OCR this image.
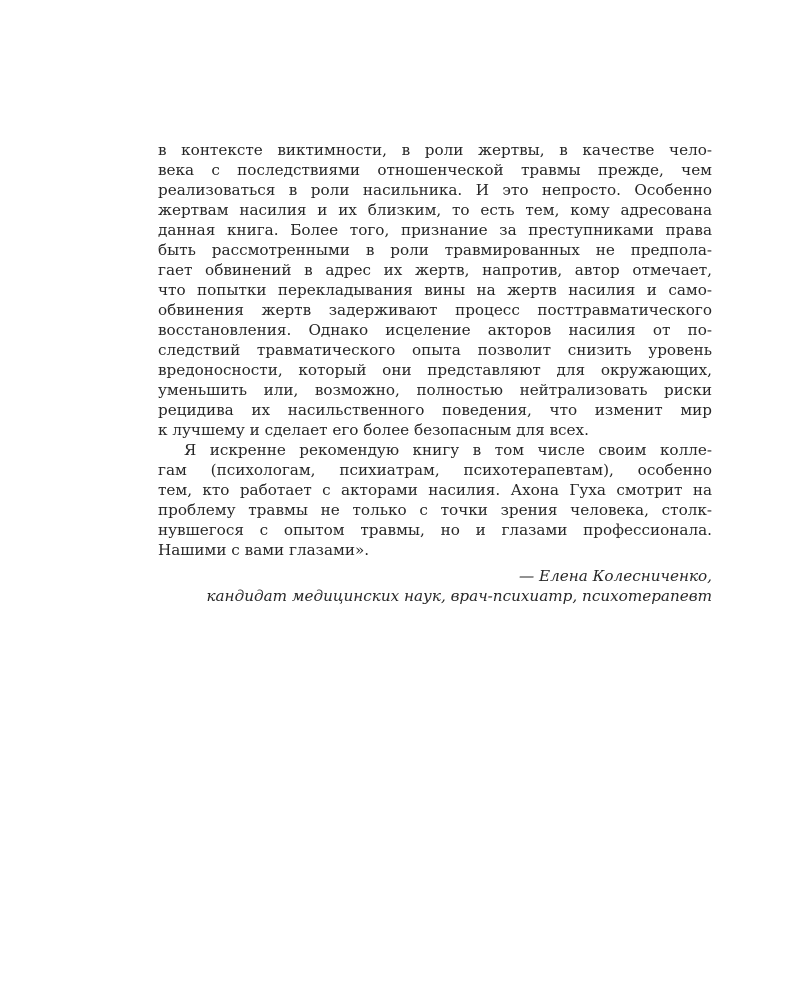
в контексте виктимности, в роли жертвы, в качестве чело-
века с последствиями отношенческой травмы прежде, чем
реализоваться в роли насильника. И это непросто. Особенно
жертвам насилия и их близким, то есть тем, кому адресована
данная книга. Более того, признание за преступниками права
быть рассмотренными в роли травмированных не предпола-
гает обвинений в адрес их жертв, напротив, автор отмечает,
что попытки перекладывания вины на жертв насилия и само-
обвинения жертв задерживают процесс посттравматического
восстановления. Однако исцеление акторов насилия от по-
следствий травматического опыта позволит снизить уровень
вредоносности, который они представляют для окружающих,
уменьшить или, возможно, полностью нейтрализовать риски
рецидива их насильственного поведения, что изменит мир
к лучшему и сделает его более безопасным для всех.
Я искренне рекомендую книгу в том числе своим колле-
гам (психологам, психиатрам, психотерапевтам), особенно
тем, кто работает с акторами насилия. Ахона Гуха смотрит на
проблему травмы не только с точки зрения человека, столк-
нувшегося с опытом травмы, но и глазами профессионала.
Нашими с вами глазами».
— Елена Колесниченко,
кандидат медицинских наук, врач-психиатр, психотерапевт
